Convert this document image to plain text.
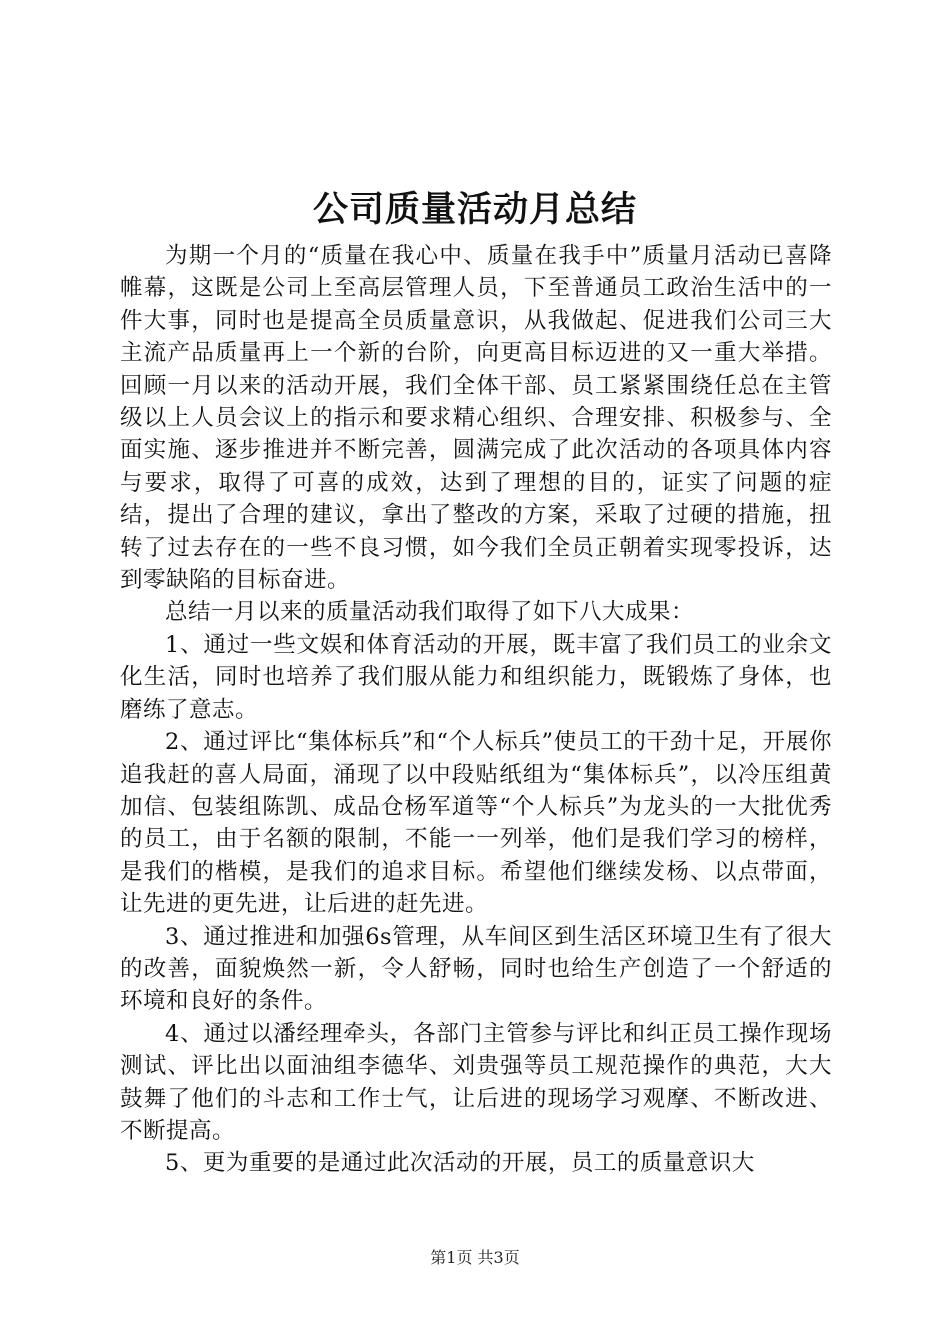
公司质量活动月总结

为期一个月的“质量在我心中、质量在我手中”质量月活动已喜降帷幕，这既是公司上至高层管理人员，下至普通员工政治生活中的一件大事，同时也是提高全员质量意识，从我做起、促进我们公司三大主流产品质量再上一个新的台阶，向更高目标迈进的又一重大举措。回顾一月以来的活动开展，我们全体干部、员工紧紧围绕任总在主管级以上人员会议上的指示和要求精心组织、合理安排、积极参与、全面实施、逐步推进并不断完善，圆满完成了此次活动的各项具体内容与要求，取得了可喜的成效，达到了理想的目的，证实了问题的症结，提出了合理的建议，拿出了整改的方案，采取了过硬的措施，扭转了过去存在的一些不良习惯，如今我们全员正朝着实现零投诉，达到零缺陷的目标奋进。

总结一月以来的质量活动我们取得了如下八大成果：

1、通过一些文娱和体育活动的开展，既丰富了我们员工的业余文化生活，同时也培养了我们服从能力和组织能力，既锻炼了身体，也磨练了意志。

2、通过评比“集体标兵”和“个人标兵”使员工的干劲十足，开展你追我赶的喜人局面，涌现了以中段贴纸组为“集体标兵”，以冷压组黄加信、包装组陈凯、成品仓杨军道等“个人标兵”为龙头的一大批优秀的员工，由于名额的限制，不能一一列举，他们是我们学习的榜样，是我们的楷模，是我们的追求目标。希望他们继续发杨、以点带面，让先进的更先进，让后进的赶先进。

3、通过推进和加强6s管理，从车间区到生活区环境卫生有了很大的改善，面貌焕然一新，令人舒畅，同时也给生产创造了一个舒适的环境和良好的条件。

4、通过以潘经理牵头，各部门主管参与评比和纠正员工操作现场测试、评比出以面油组李德华、刘贵强等员工规范操作的典范，大大鼓舞了他们的斗志和工作士气，让后进的现场学习观摩、不断改进、不断提高。

5、更为重要的是通过此次活动的开展，员工的质量意识大

第1页 共3页
